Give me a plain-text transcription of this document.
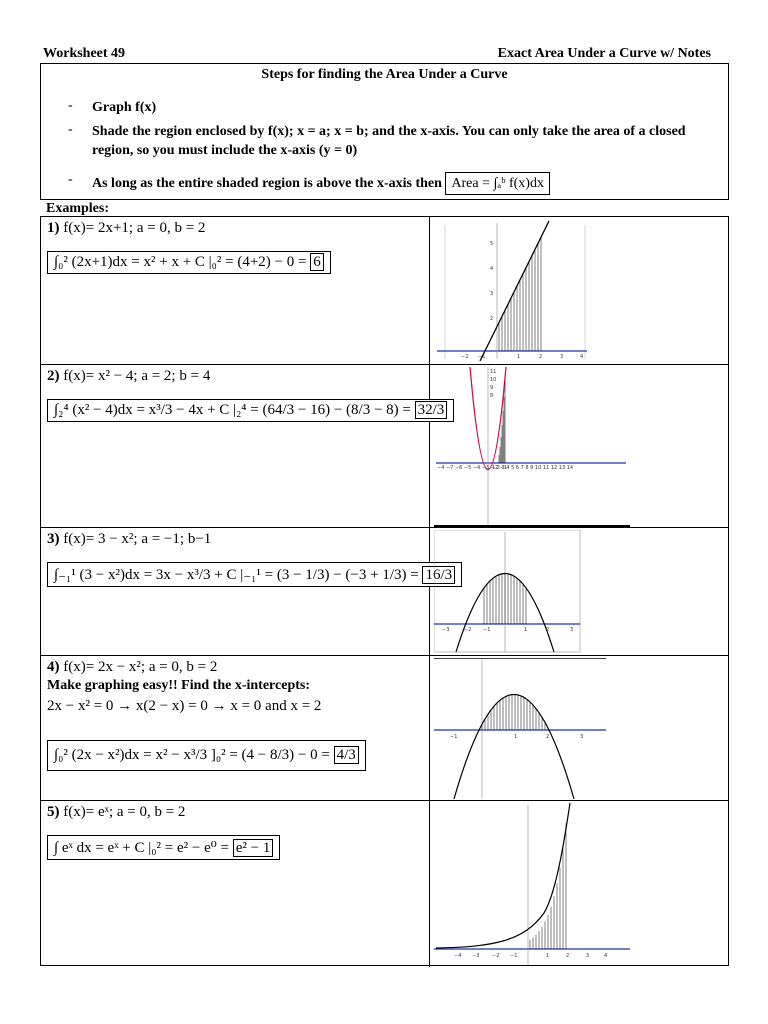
Worksheet 49	Exact Area Under a Curve w/ Notes
Steps for finding the Area Under a Curve
- Graph f(x)
- Shade the region enclosed by f(x); x = a; x = b; and the x-axis. You can only take the area of a closed
region, so you must include the x-axis (y = 0)
- As long as the entire shaded region is above the x-axis then Area = ∫ₐᵇ f(x)dx
Examples:
1) f(x)= 2x+1; a = 0, b = 2
∫₀² (2x+1)dx = x² + x + C |₀² = (4+2) − 0 = 6
−2 −1	1	2	3	4
5
4
3
2
2) f(x)= x² − 4; a = 2; b = 4
∫₂⁴ (x² − 4)dx = x³/3 − 4x + C |₂⁴ = (64/3 − 16) − (8/3 − 8) = 32/3
−4 −7 −6 −5 −4 −3 −2 −1
1 2 3 4 5 6 7 8 9 10 11 12 13 14
11
10
9
8
3) f(x)= 3 − x²; a = −1; b−1
∫₋₁¹ (3 − x²)dx = 3x − x³/3 + C |₋₁¹ = (3 − 1/3) − (−3 + 1/3) = 16/3
−3	−2 −1	1	2	3
4) f(x)= 2x − x²; a = 0, b = 2
Make graphing easy!! Find the x-intercepts:
2x − x² = 0 → x(2 − x) = 0 → x = 0 and x = 2
∫₀² (2x − x²)dx = x² − x³/3 ]₀² = (4 − 8/3) − 0 = 4/3
−1	1	2	3
5) f(x)= eˣ; a = 0, b = 2
∫ eˣ dx = eˣ + C |₀² = e² − e⁰ = e² − 1
−4 −3	−2 −1	1	2	3	4
